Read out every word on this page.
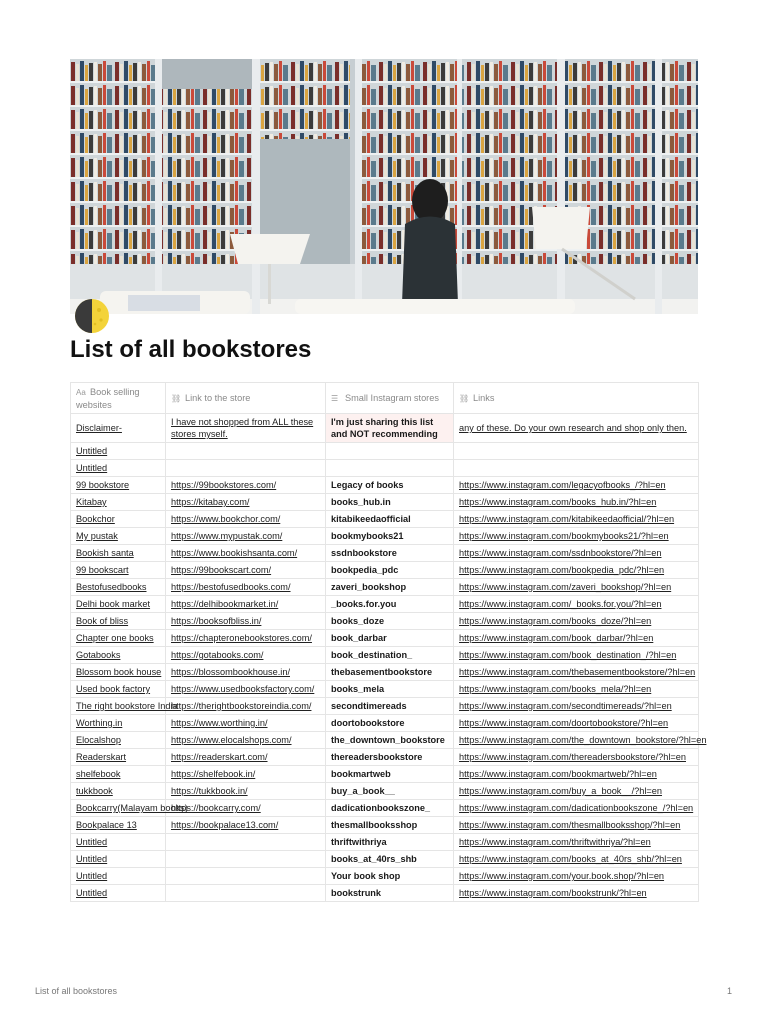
List of all bookstores
Aa Book selling websites	⛓ Link to the store	☰ Small Instagram stores	⛓ Links
Disclaimer-	I have not shopped from ALL these stores myself.	I'm just sharing this list and NOT recommending	any of these. Do your own research and shop only then.
Untitled			
Untitled			
99 bookstore	https://99bookstores.com/	Legacy of books	https://www.instagram.com/legacyofbooks_/?hl=en
Kitabay	https://kitabay.com/	books_hub.in	https://www.instagram.com/books_hub.in/?hl=en
Bookchor	https://www.bookchor.com/	kitabikeedaofficial	https://www.instagram.com/kitabikeedaofficial/?hl=en
My pustak	https://www.mypustak.com/	bookmybooks21	https://www.instagram.com/bookmybooks21/?hl=en
Bookish santa	https://www.bookishsanta.com/	ssdnbookstore	https://www.instagram.com/ssdnbookstore/?hl=en
99 bookscart	https://99bookscart.com/	bookpedia_pdc	https://www.instagram.com/bookpedia_pdc/?hl=en
Bestofusedbooks	https://bestofusedbooks.com/	zaveri_bookshop	https://www.instagram.com/zaveri_bookshop/?hl=en
Delhi book market	https://delhibookmarket.in/	_books.for.you	https://www.instagram.com/_books.for.you/?hl=en
Book of bliss	https://booksofbliss.in/	books_doze	https://www.instagram.com/books_doze/?hl=en
Chapter one books	https://chapteronebookstores.com/	book_darbar	https://www.instagram.com/book_darbar/?hl=en
Gotabooks	https://gotabooks.com/	book_destination_	https://www.instagram.com/book_destination_/?hl=en
Blossom book house	https://blossombookhouse.in/	thebasementbookstore	https://www.instagram.com/thebasementbookstore/?hl=en
Used book factory	https://www.usedbooksfactory.com/	books_mela	https://www.instagram.com/books_mela/?hl=en
The right bookstore India	https://therightbookstoreindia.com/	secondtimereads	https://www.instagram.com/secondtimereads/?hl=en
Worthing.in	https://www.worthing.in/	doortobookstore	https://www.instagram.com/doortobookstore/?hl=en
Elocalshop	https://www.elocalshops.com/	the_downtown_bookstore	https://www.instagram.com/the_downtown_bookstore/?hl=en
Readerskart	https://readerskart.com/	thereadersbookstore	https://www.instagram.com/thereadersbookstore/?hl=en
shelfebook	https://shelfebook.in/	bookmartweb	https://www.instagram.com/bookmartweb/?hl=en
tukkbook	https://tukkbook.in/	buy_a_book__	https://www.instagram.com/buy_a_book__/?hl=en
Bookcarry(Malayam books)	https://bookcarry.com/	dadicationbookszone_	https://www.instagram.com/dadicationbookszone_/?hl=en
Bookpalace 13	https://bookpalace13.com/	thesmallbooksshop	https://www.instagram.com/thesmallbooksshop/?hl=en
Untitled		thriftwithriya	https://www.instagram.com/thriftwithriya/?hl=en
Untitled		books_at_40rs_shb	https://www.instagram.com/books_at_40rs_shb/?hl=en
Untitled		Your book shop	https://www.instagram.com/your.book.shop/?hl=en
Untitled		bookstrunk	https://www.instagram.com/bookstrunk/?hl=en
List of all bookstores	1
